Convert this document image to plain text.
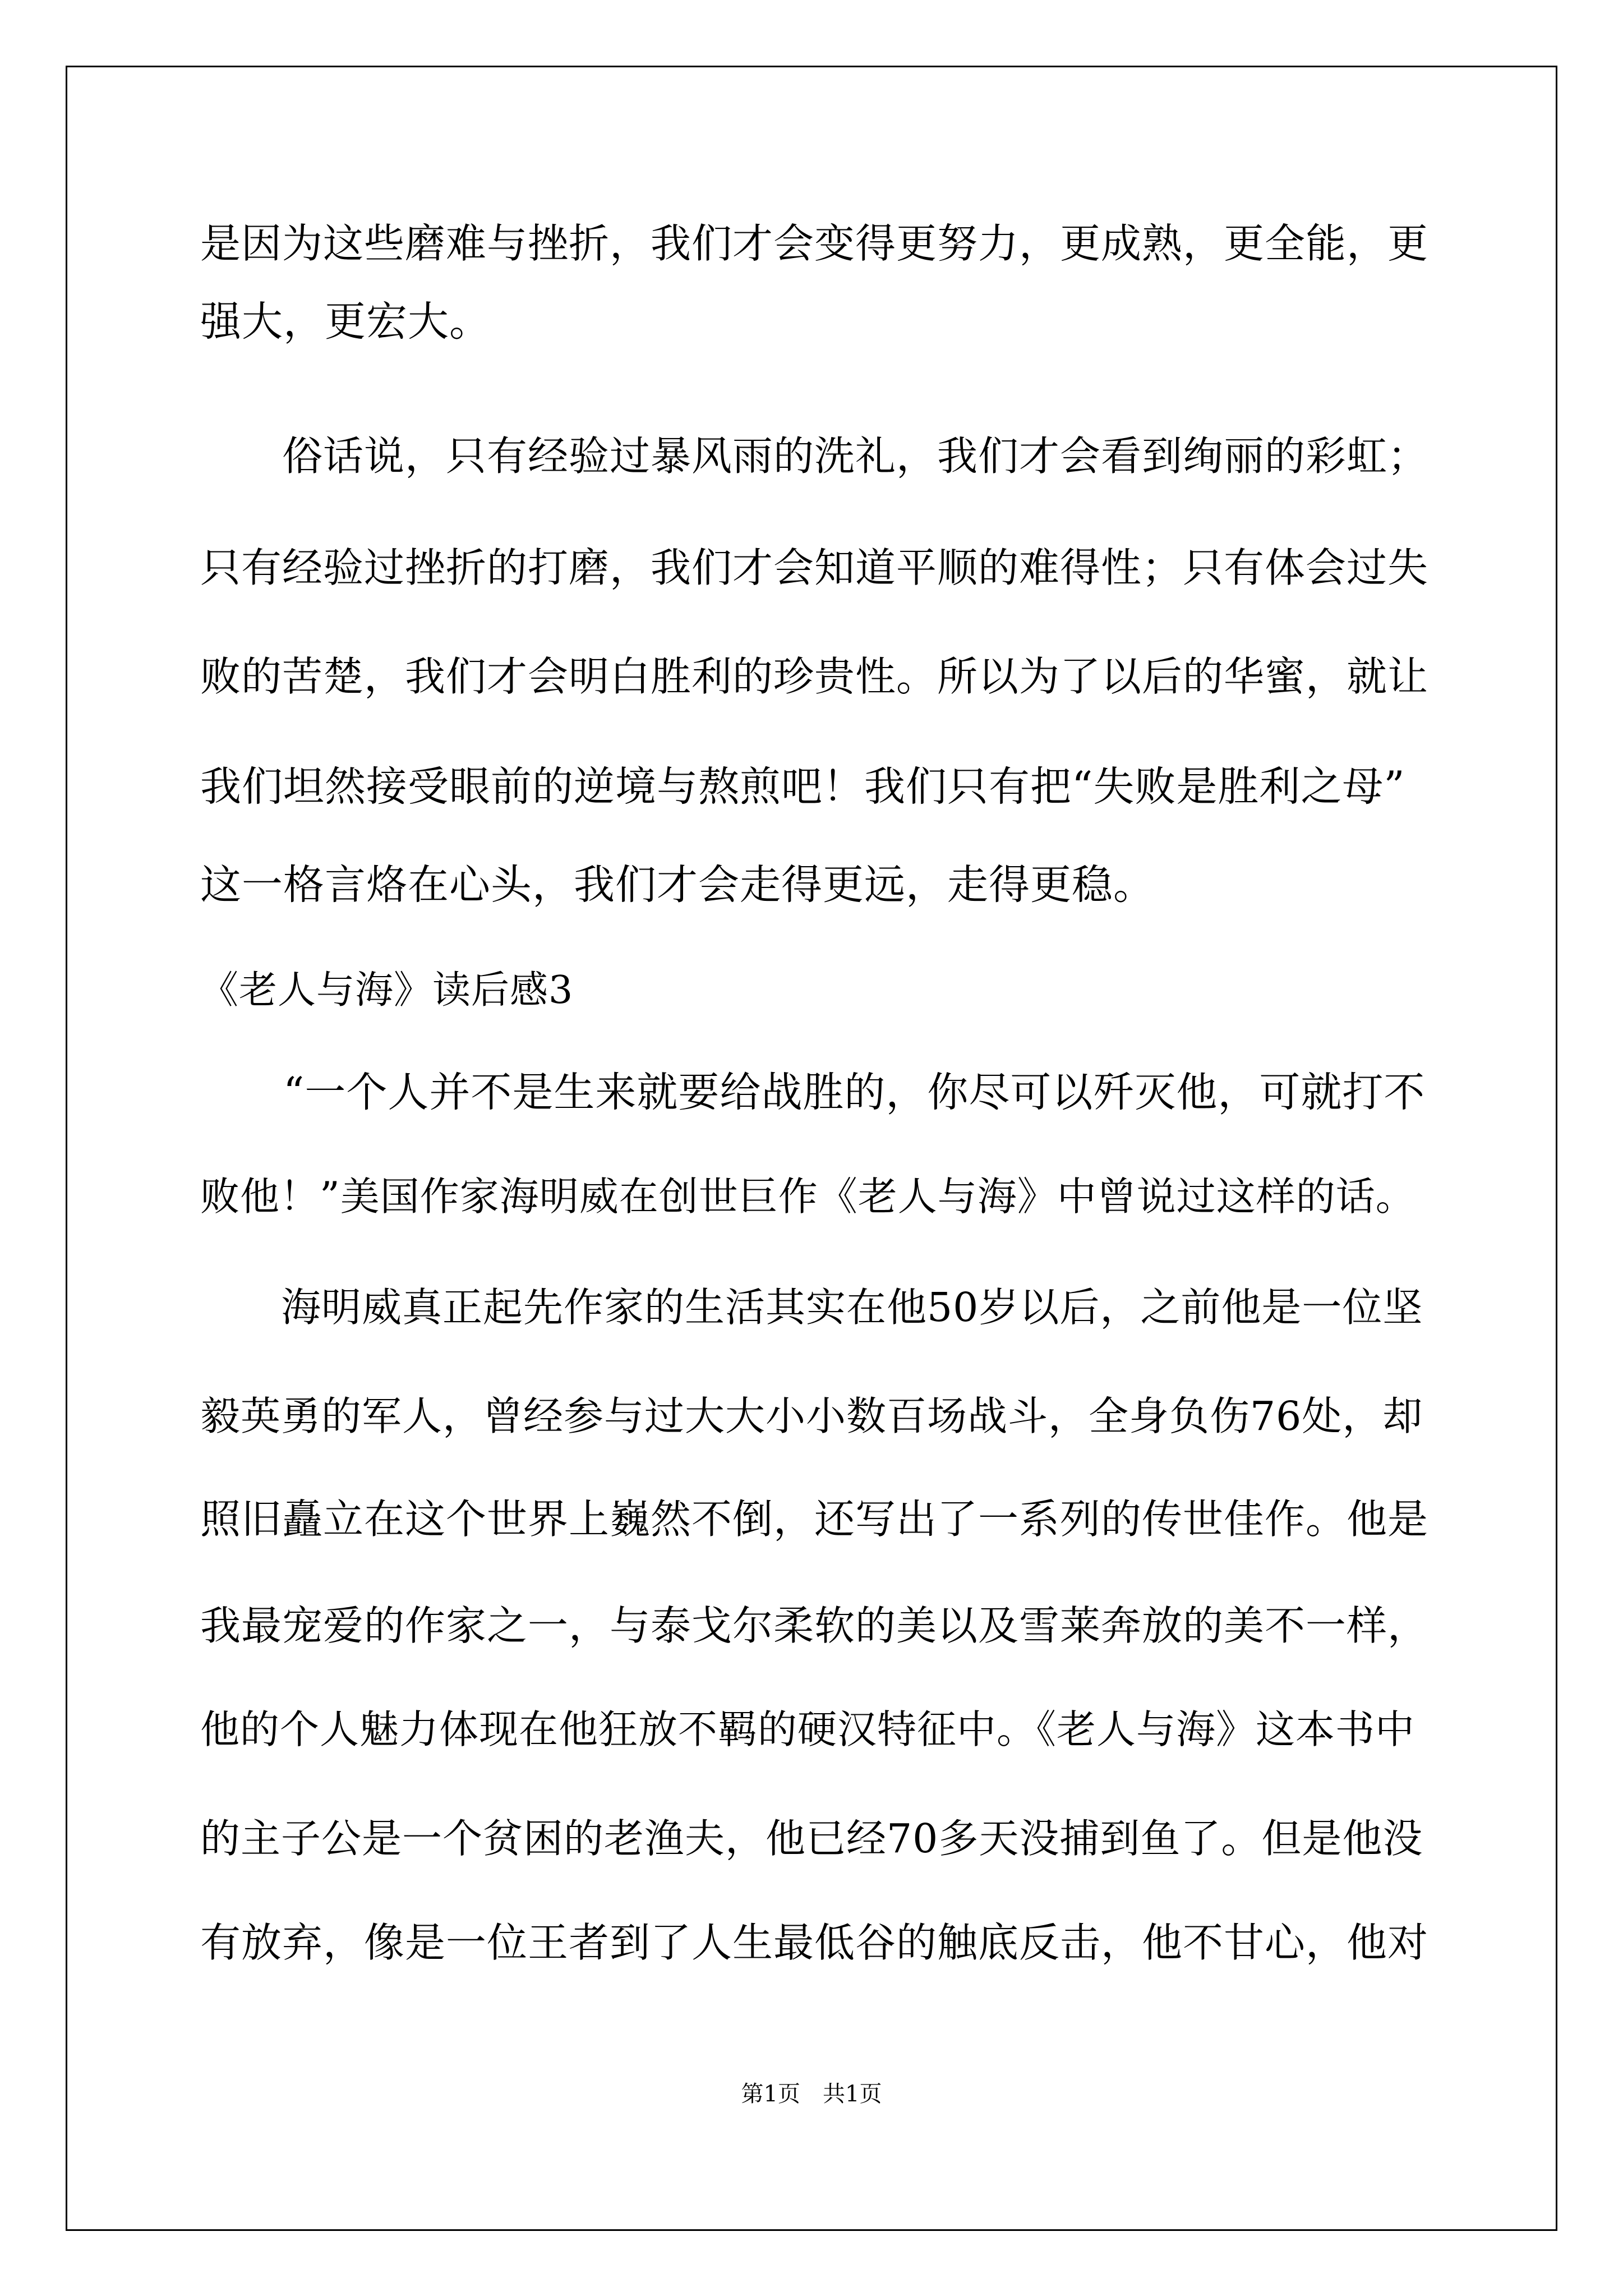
是因为这些磨难与挫折，我们才会变得更努力，更成熟，更全能，更
强大，更宏大。
　　俗话说，只有经验过暴风雨的洗礼，我们才会看到绚丽的彩虹；
只有经验过挫折的打磨，我们才会知道平顺的难得性；只有体会过失
败的苦楚，我们才会明白胜利的珍贵性。所以为了以后的华蜜，就让
我们坦然接受眼前的逆境与熬煎吧！我们只有把“失败是胜利之母”
这一格言烙在心头，我们才会走得更远，走得更稳。
《老人与海》读后感3
　　“一个人并不是生来就要给战胜的，你尽可以歼灭他，可就打不
败他！”美国作家海明威在创世巨作《老人与海》中曾说过这样的话。
　　海明威真正起先作家的生活其实在他50岁以后，之前他是一位坚
毅英勇的军人，曾经参与过大大小小数百场战斗，全身负伤76处，却
照旧矗立在这个世界上巍然不倒，还写出了一系列的传世佳作。他是
我最宠爱的作家之一，与泰戈尔柔软的美以及雪莱奔放的美不一样，
他的个人魅力体现在他狂放不羁的硬汉特征中。《老人与海》这本书中
的主子公是一个贫困的老渔夫，他已经70多天没捕到鱼了。但是他没
有放弃，像是一位王者到了人生最低谷的触底反击，他不甘心，他对
第1页　共1页
